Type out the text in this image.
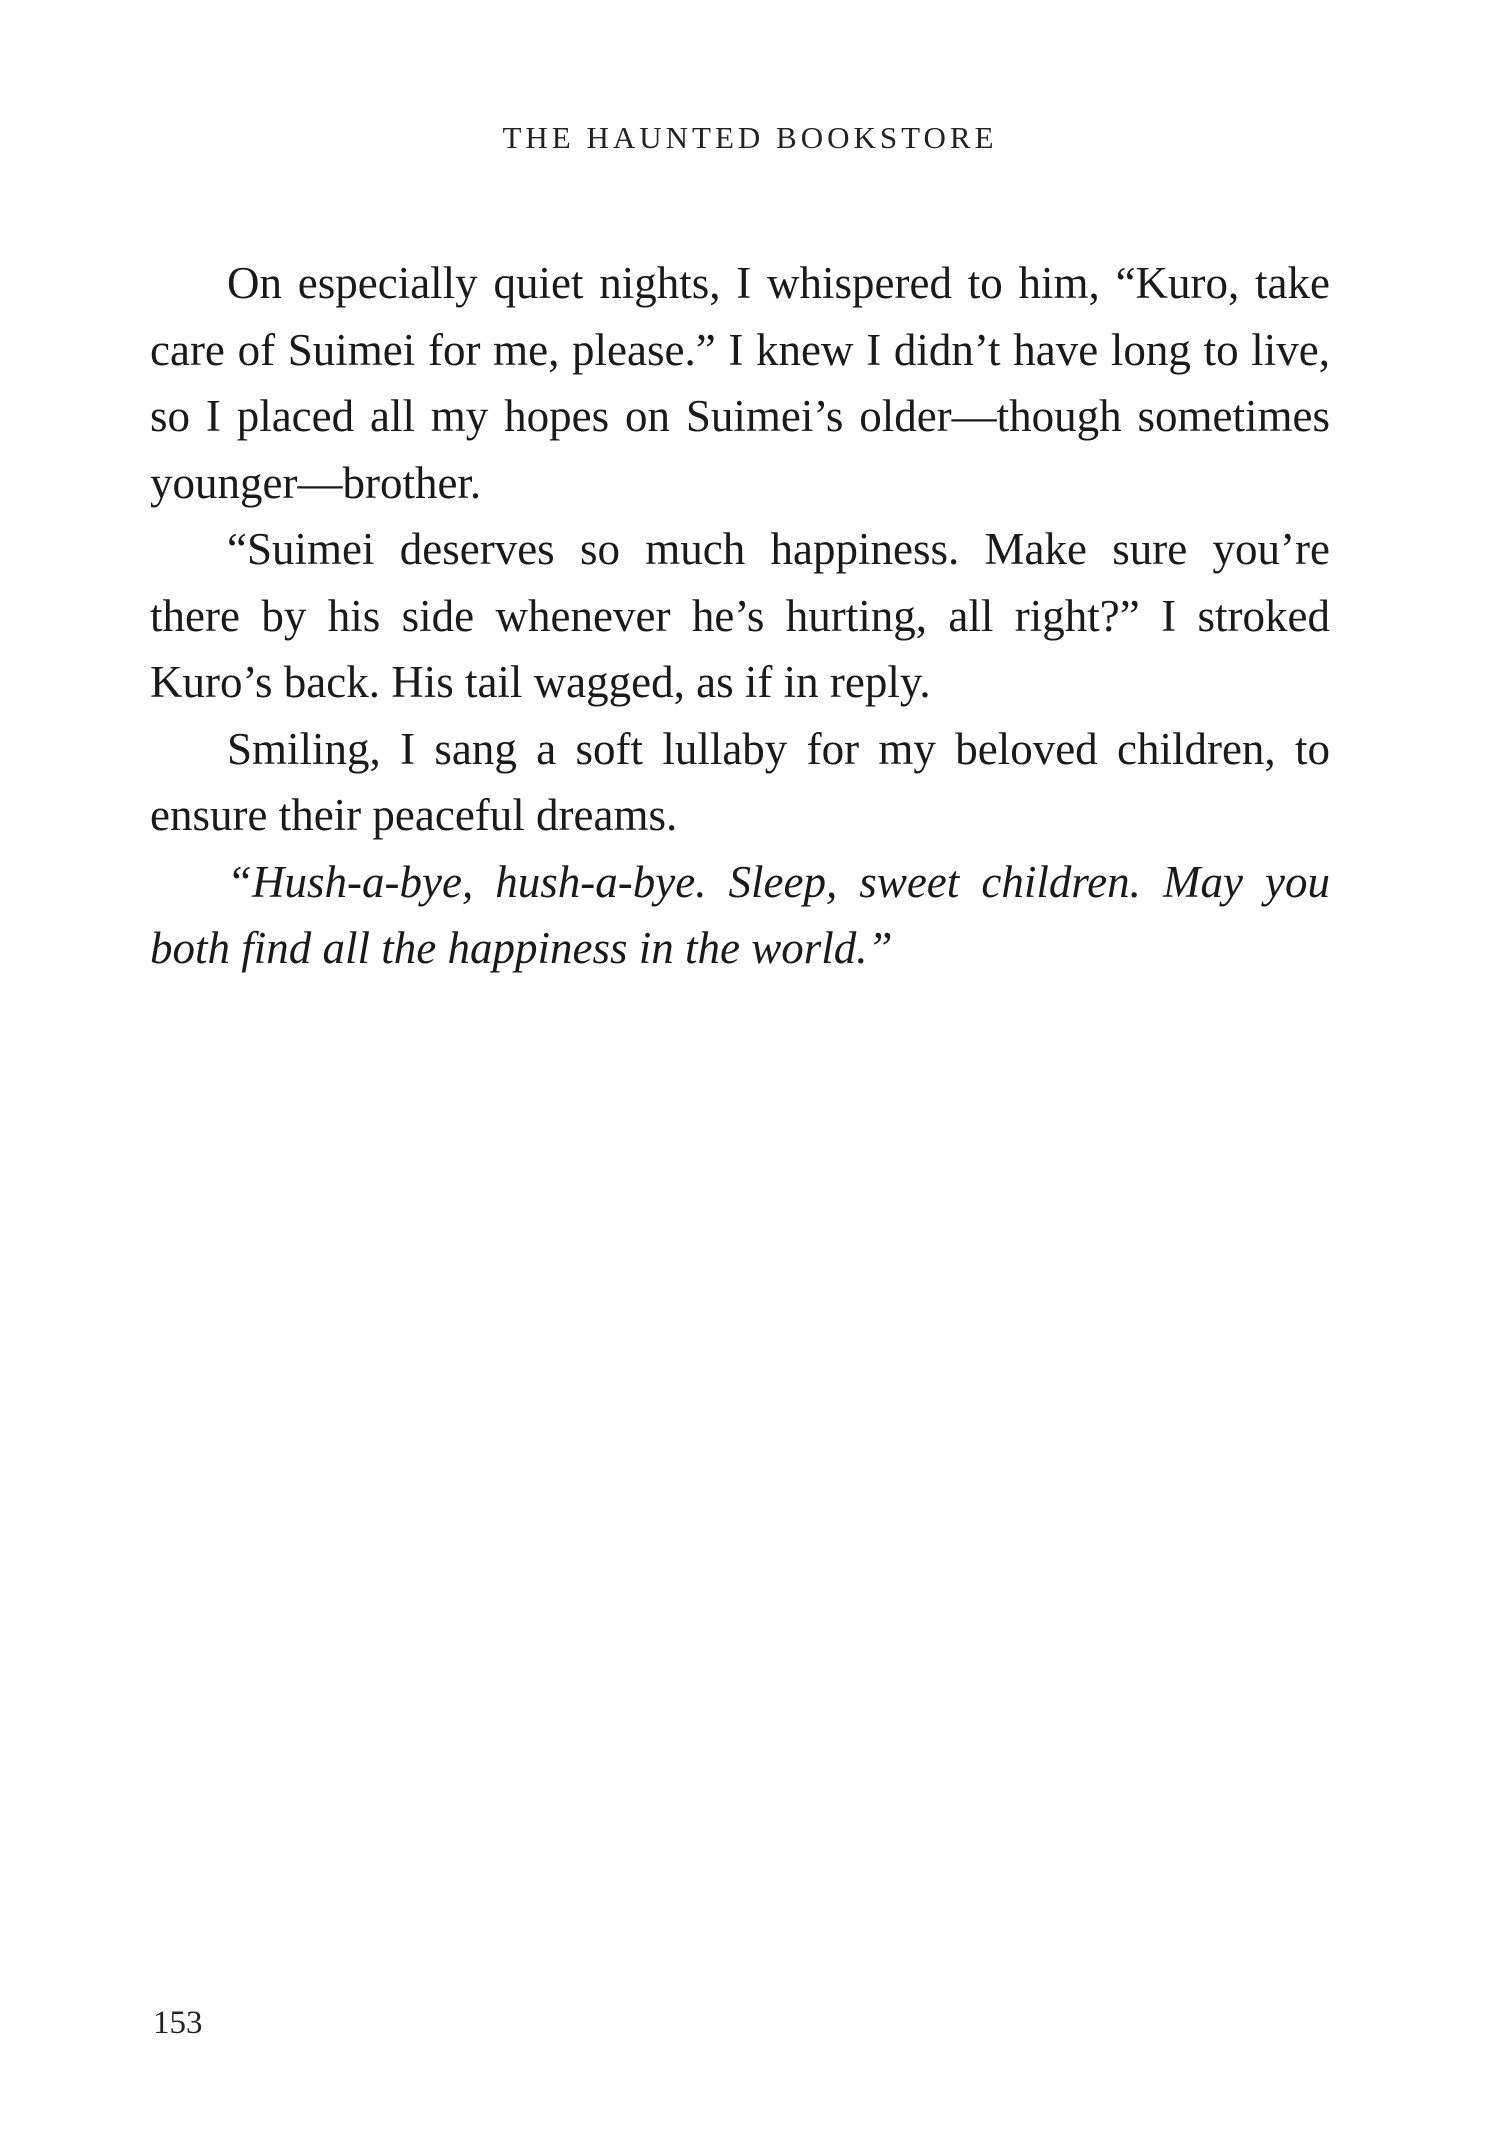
THE HAUNTED BOOKSTORE

On especially quiet nights, I whispered to him, “Kuro, take care of Suimei for me, please.” I knew I didn’t have long to live, so I placed all my hopes on Suimei’s older—though sometimes younger—brother.

“Suimei deserves so much happiness. Make sure you’re there by his side whenever he’s hurting, all right?” I stroked Kuro’s back. His tail wagged, as if in reply.

Smiling, I sang a soft lullaby for my beloved children, to ensure their peaceful dreams.

“Hush-a-bye, hush-a-bye. Sleep, sweet children. May you both find all the happiness in the world.”

153
